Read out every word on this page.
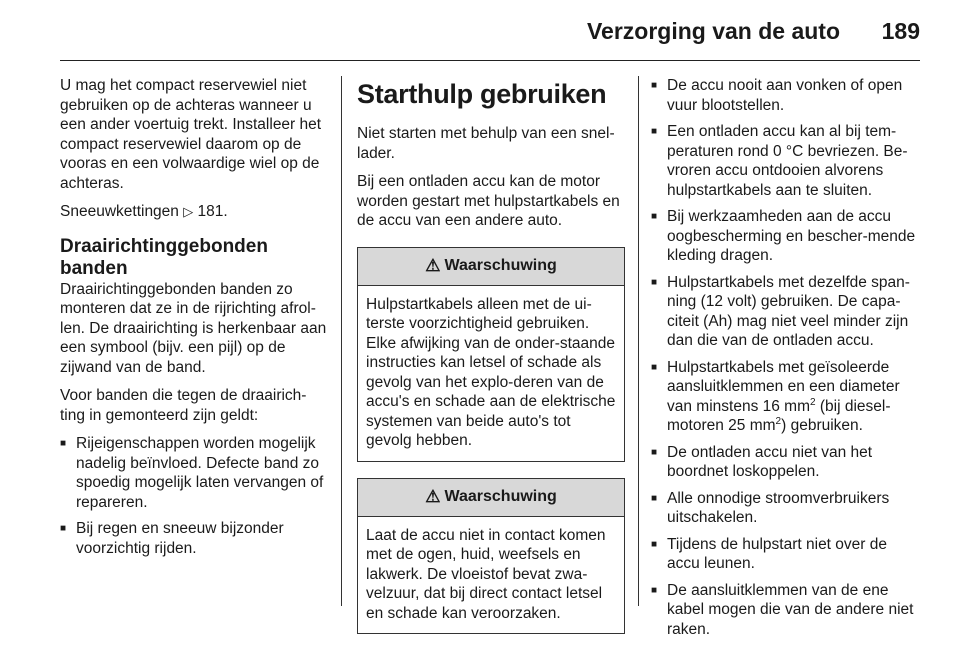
Verzorging van de auto 189

U mag het compact reservewiel niet gebruiken op de achteras wanneer u een ander voertuig trekt. Installeer het compact reservewiel daarom op de vooras en een volwaardige wiel op de achteras.

Sneeuwkettingen ▷ 181.

Draairichtinggebonden banden

Draairichtinggebonden banden zo monteren dat ze in de rijrichting afrol-len. De draairichting is herkenbaar aan een symbool (bijv. een pijl) op de zijwand van de band.

Voor banden die tegen de draairich-ting in gemonteerd zijn geldt:

■ Rijeigenschappen worden mogelijk nadelig beïnvloed. Defecte band zo spoedig mogelijk laten vervangen of repareren.
■ Bij regen en sneeuw bijzonder voorzichtig rijden.
Starthulp gebruiken

Niet starten met behulp van een snel-lader.

Bij een ontladen accu kan de motor worden gestart met hulpstartkabels en de accu van een andere auto.

⚠ Waarschuwing
Hulpstartkabels alleen met de ui-terste voorzichtigheid gebruiken. Elke afwijking van de onder-staande instructies kan letsel of schade als gevolg van het explo-deren van de accu's en schade aan de elektrische systemen van beide auto's tot gevolg hebben.
⚠ Waarschuwing
Laat de accu niet in contact komen met de ogen, huid, weefsels en lakwerk. De vloeistof bevat zwa-velzuur, dat bij direct contact letsel en schade kan veroorzaken.
■ De accu nooit aan vonken of open vuur blootstellen.
■ Een ontladen accu kan al bij tem-peraturen rond 0 °C bevriezen. Be-vroren accu ontdooien alvorens hulpstartkabels aan te sluiten.
■ Bij werkzaamheden aan de accu oogbescherming en bescher-mende kleding dragen.
■ Hulpstartkabels met dezelfde span-ning (12 volt) gebruiken. De capa-citeit (Ah) mag niet veel minder zijn dan die van de ontladen accu.
■ Hulpstartkabels met geïsoleerde aansluitklemmen en een diameter van minstens 16 $mm^2$ (bij diesel-motoren 25 $mm^2$) gebruiken.
■ De ontladen accu niet van het boordnet loskoppelen.
■ Alle onnodige stroomverbruikers uitschakelen.
■ Tijdens de hulpstart niet over de accu leunen.
■ De aansluitklemmen van de ene kabel mogen die van de andere niet raken.
